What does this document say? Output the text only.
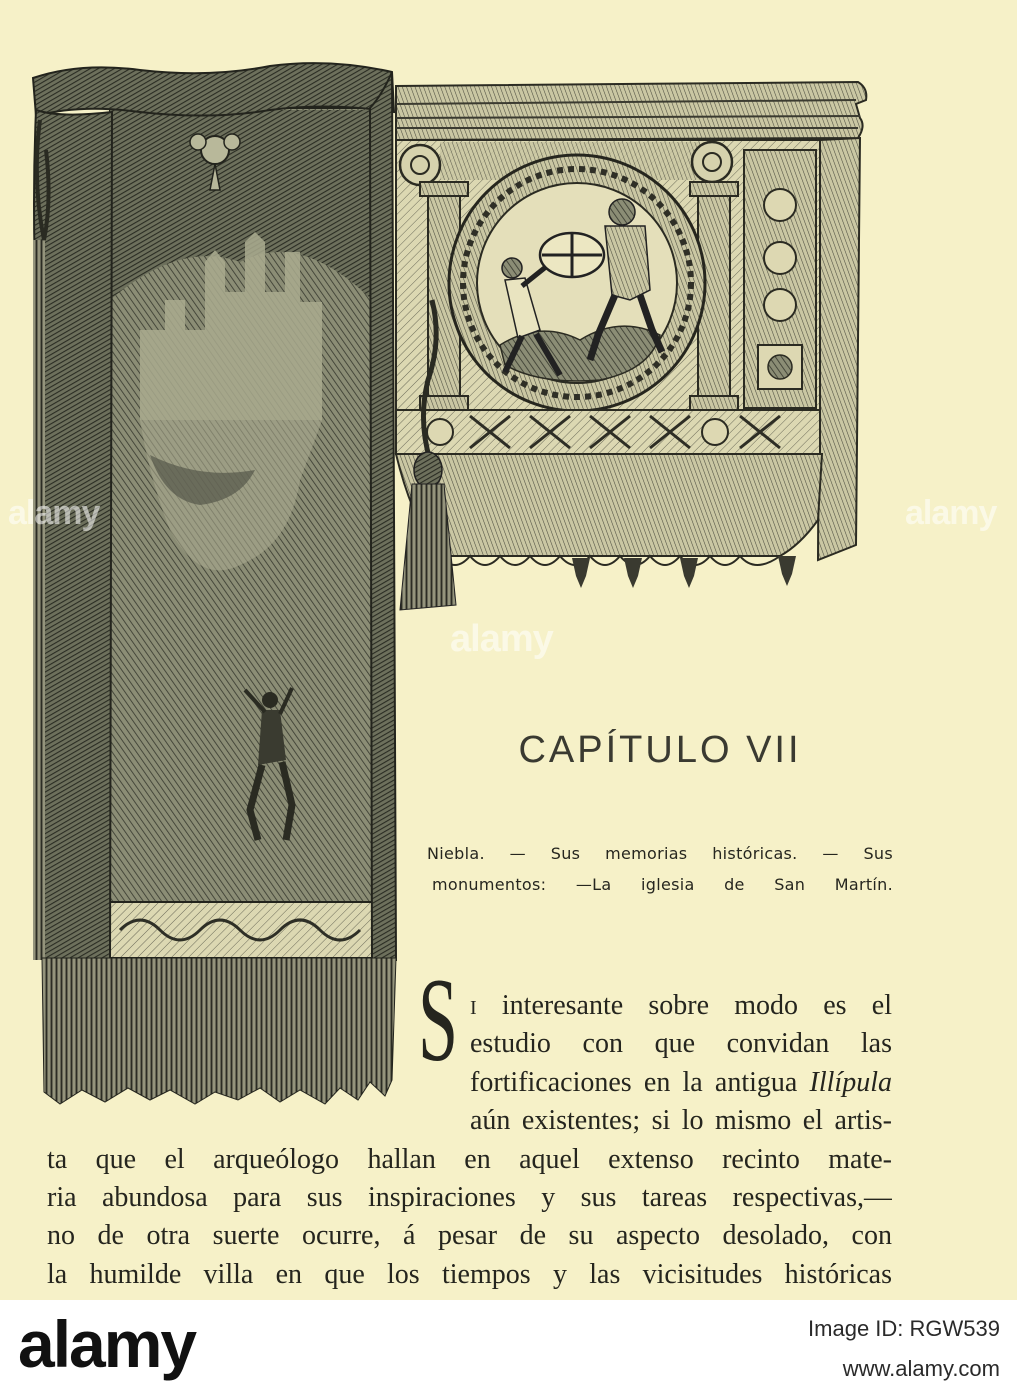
alamy	alamy
alamy
CAPÍTULO VII
Niebla. — Sus memorias históricas. — Sus
monumentos: —La iglesia de San Martín.
S I interesante sobre modo es el
estudio con que convidan las
fortificaciones en la antigua Illípula
aún existentes; si lo mismo el artis-
ta que el arqueólogo hallan en aquel extenso recinto mate-
ria abundosa para sus inspiraciones y sus tareas respectivas,—
no de otra suerte ocurre, á pesar de su aspecto desolado, con
la humilde villa en que los tiempos y las vicisitudes históricas
alamy	Image ID: RGW539
www.alamy.com
